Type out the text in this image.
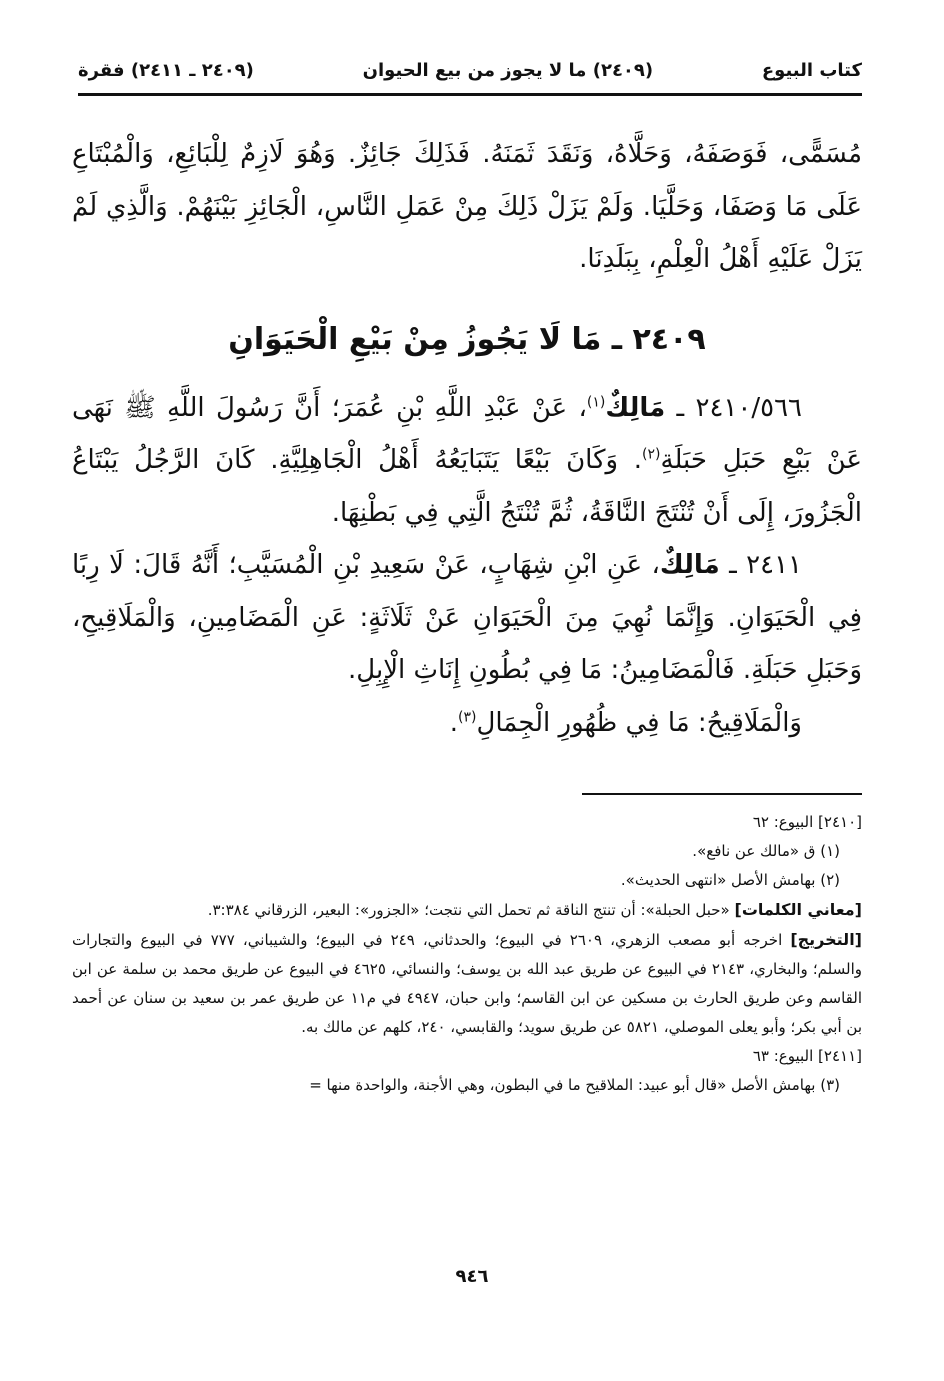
كتاب البيوع
(٢٤٠٩) ما لا يجوز من بيع الحيوان
(٢٤٠٩ ـ ٢٤١١) فقرة

مُسَمًّى، فَوَصَفَهُ، وَحَلَّاهُ، وَنَقَدَ ثَمَنَهُ. فَذَلِكَ جَائِزٌ. وَهُوَ لَازِمٌ لِلْبَائِعِ، وَالْمُبْتَاعِ عَلَى مَا وَصَفَا، وَحَلَّيَا. وَلَمْ يَزَلْ ذَلِكَ مِنْ عَمَلِ النَّاسِ، الْجَائِزِ بَيْنَهُمْ. وَالَّذِي لَمْ يَزَلْ عَلَيْهِ أَهْلُ الْعِلْمِ، بِبَلَدِنَا.

٢٤٠٩ ـ مَا لَا يَجُوزُ مِنْ بَيْعِ الْحَيَوَانِ

٢٤١٠/٥٦٦ ـ مَالِكٌ$^{(١)}$، عَنْ عَبْدِ اللَّهِ بْنِ عُمَرَ؛ أَنَّ رَسُولَ اللَّهِ ﷺ نَهَى عَنْ بَيْعِ حَبَلِ حَبَلَةِ$^{(٢)}$. وَكَانَ بَيْعًا يَتَبَايَعُهُ أَهْلُ الْجَاهِلِيَّةِ. كَانَ الرَّجُلُ يَبْتَاعُ الْجَزُورَ، إِلَى أَنْ تُنْتَجَ النَّاقَةُ، ثُمَّ تُنْتَجُ الَّتِي فِي بَطْنِهَا.

٢٤١١ ـ مَالِكٌ، عَنِ ابْنِ شِهَابٍ، عَنْ سَعِيدِ بْنِ الْمُسَيَّبِ؛ أَنَّهُ قَالَ: لَا رِبًا فِي الْحَيَوَانِ. وَإِنَّمَا نُهِيَ مِنَ الْحَيَوَانِ عَنْ ثَلَاثَةٍ: عَنِ الْمَضَامِينِ، وَالْمَلَاقِيحِ، وَحَبَلِ حَبَلَةِ. فَالْمَضَامِينُ: مَا فِي بُطُونِ إِنَاثِ الْإِبِلِ.

وَالْمَلَاقِيحُ: مَا فِي ظُهُورِ الْجِمَالِ$^{(٣)}$.

[٢٤١٠] البيوع: ٦٢

(١) ق «مالك عن نافع».

(٢) بهامش الأصل «انتهى الحديث».

[معاني الكلمات] «حبل الحبلة»: أن تنتج الناقة ثم تحمل التي نتجت؛ «الجزور»: البعير، الزرقاني ٣:٣٨٤.

[التخريج] اخرجه أبو مصعب الزهري، ٢٦٠٩ في البيوع؛ والحدثاني، ٢٤٩ في البيوع؛ والشيباني، ٧٧٧ في البيوع والتجارات والسلم؛ والبخاري، ٢١٤٣ في البيوع عن طريق عبد الله بن يوسف؛ والنسائي، ٤٦٢٥ في البيوع عن طريق محمد بن سلمة عن ابن القاسم وعن طريق الحارث بن مسكين عن ابن القاسم؛ وابن حبان، ٤٩٤٧ في م١١ عن طريق عمر بن سعيد بن سنان عن أحمد بن أبي بكر؛ وأبو يعلى الموصلي، ٥٨٢١ عن طريق سويد؛ والقابسي، ٢٤٠، كلهم عن مالك به.

[٢٤١١] البيوع: ٦٣

(٣) بهامش الأصل «قال أبو عبيد: الملاقيح ما في البطون، وهي الأجنة، والواحدة منها =

٩٤٦
